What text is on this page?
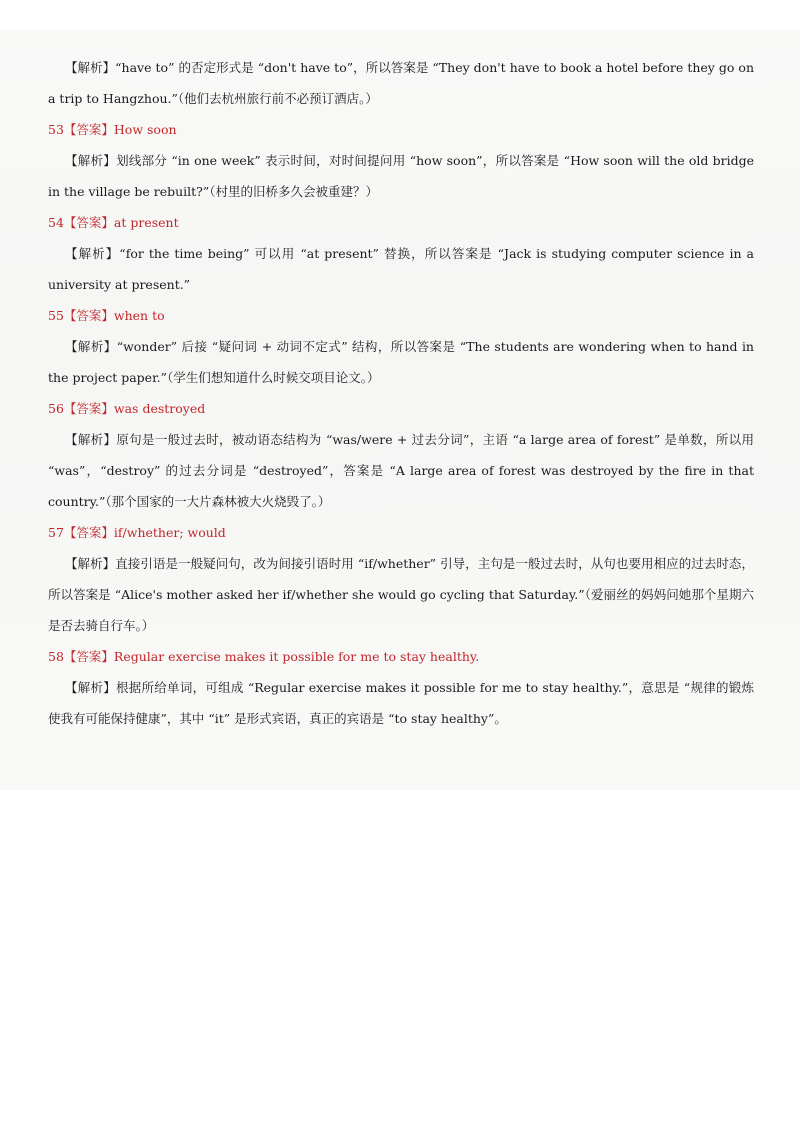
【解析】“have to” 的否定形式是 “don't have to”，所以答案是 “They don't have to book a hotel before they go on a trip to Hangzhou.”（他们去杭州旅行前不必预订酒店。）

53【答案】How soon

【解析】划线部分 “in one week” 表示时间，对时间提问用 “how soon”，所以答案是 “How soon will the old bridge in the village be rebuilt?”（村里的旧桥多久会被重建？）

54【答案】at present

【解析】“for the time being” 可以用 “at present” 替换，所以答案是 “Jack is studying computer science in a university at present.”

55【答案】when to

【解析】“wonder” 后接 “疑问词 + 动词不定式” 结构，所以答案是 “The students are wondering when to hand in the project paper.”（学生们想知道什么时候交项目论文。）

56【答案】was destroyed

【解析】原句是一般过去时，被动语态结构为 “was/were + 过去分词”，主语 “a large area of forest” 是单数，所以用 “was”，“destroy” 的过去分词是 “destroyed”，答案是 “A large area of forest was destroyed by the fire in that country.”（那个国家的一大片森林被大火烧毁了。）

57【答案】if/whether; would

【解析】直接引语是一般疑问句，改为间接引语时用 “if/whether” 引导，主句是一般过去时，从句也要用相应的过去时态，所以答案是 “Alice's mother asked her if/whether she would go cycling that Saturday.”（爱丽丝的妈妈问她那个星期六是否去骑自行车。）

58【答案】Regular exercise makes it possible for me to stay healthy.

【解析】根据所给单词，可组成 “Regular exercise makes it possible for me to stay healthy.”，意思是 “规律的锻炼使我有可能保持健康”，其中 “it” 是形式宾语，真正的宾语是 “to stay healthy”。
